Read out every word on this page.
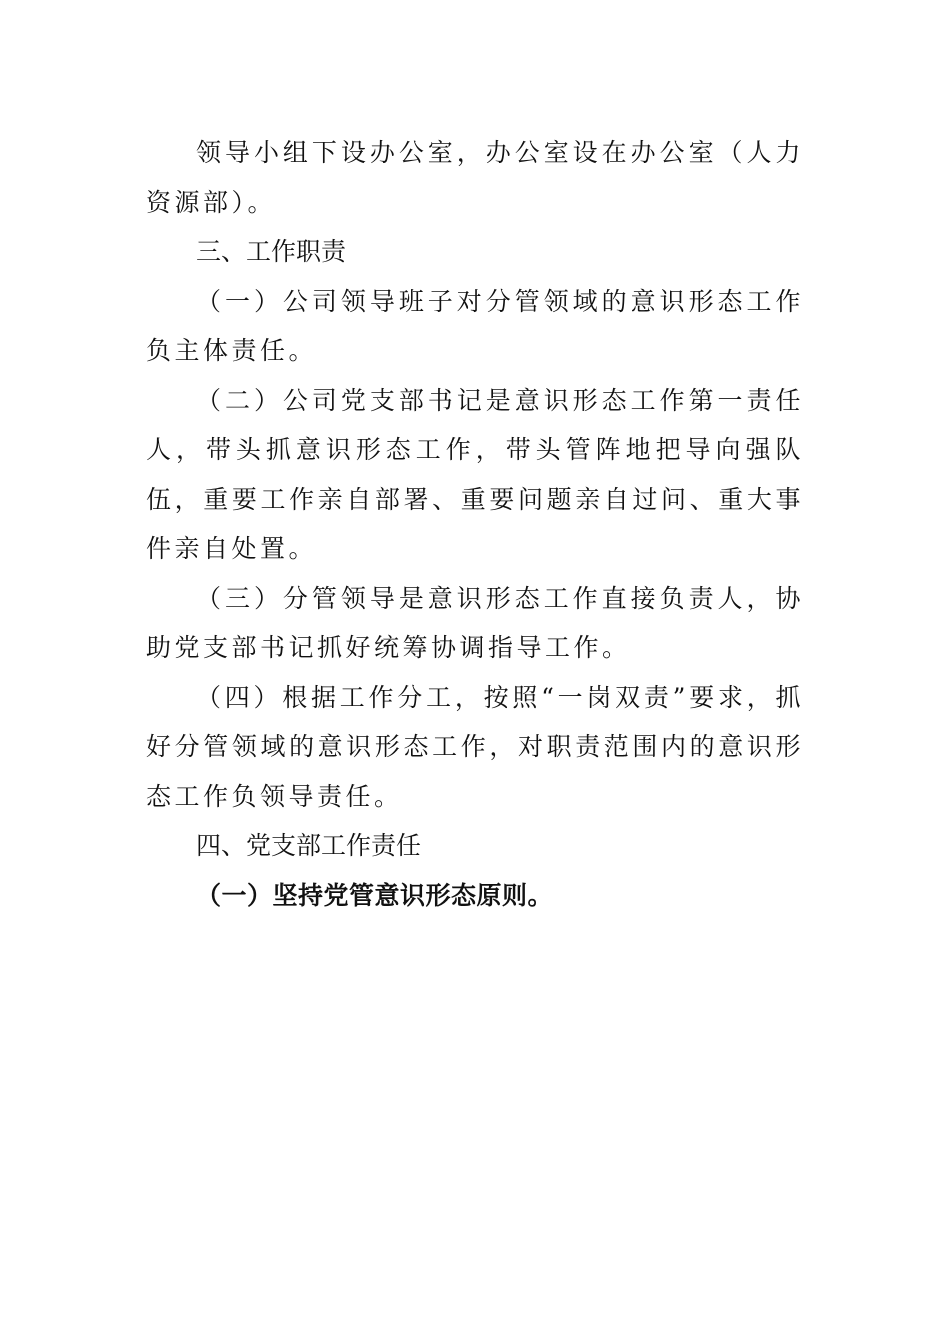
领导小组下设办公室，办公室设在办公室（人力资源部）。

三、工作职责

（一）公司领导班子对分管领域的意识形态工作负主体责任。

（二）公司党支部书记是意识形态工作第一责任人，带头抓意识形态工作，带头管阵地把导向强队伍，重要工作亲自部署、重要问题亲自过问、重大事件亲自处置。

（三）分管领导是意识形态工作直接负责人，协助党支部书记抓好统筹协调指导工作。

（四）根据工作分工，按照“一岗双责”要求，抓好分管领域的意识形态工作，对职责范围内的意识形态工作负领导责任。

四、党支部工作责任

（一）坚持党管意识形态原则。
